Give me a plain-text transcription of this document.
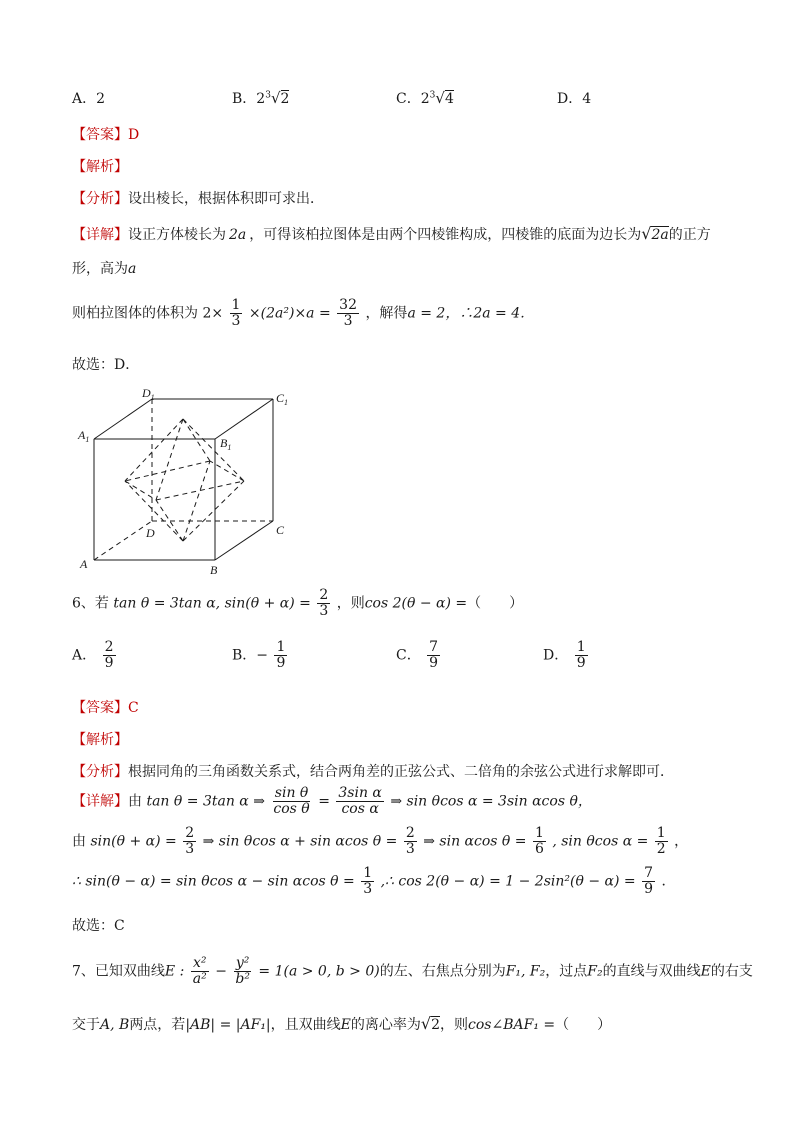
A．2	B．$2^3√2$	C．$2^3√4$	D．4
【答案】D
【解析】
【分析】设出棱长，根据体积即可求出．
【详解】设正方体棱长为 2a ，可得该柏拉图体是由两个四棱锥构成，四棱锥的底面为边长为√2a的正方
形，高为a
则柏拉图体的体积为 $2\times \frac{1}{3} \times(2a^2)\times a = \frac{32}{3}$ ，解得a = 2，∴2a = 4．
故选：D．
$D_1$	$C_1$
$A_1$	$B_1$
D	C
A	B
6、若 tan θ = 3tan α, $\sin(\theta + \alpha) = \frac{2}{3}$ ，则cos 2(θ − α) =（　　）
A． $\frac{2}{9}$	B．− $\frac{1}{9}$	C． $\frac{7}{9}$	D． $\frac{1}{9}$
【答案】C
【解析】
【分析】根据同角的三角函数关系式，结合两角差的正弦公式、二倍角的余弦公式进行求解即可．
【详解】由 tan θ = 3tan α ⇒ $\frac{\text{sin θ}}{\text{cos θ}} = \frac{\text{3sin α}}{\text{cos α}}$ ⇒ sin θcos α = 3sin αcos θ，
由 $\sin(\theta + \alpha) = \frac{2}{3}$ ⇒ sin θcos α + sin αcos $\theta = \frac{2}{3}$ ⇒ sin αcos $\theta = \frac{1}{6}$ , sin θcos $\alpha = \frac{1}{2}$ ，
∴ sin(θ − α) = sin θcos α − sin αcos $\theta = \frac{1}{3}$ ,∴ $\cos 2(\theta - \alpha) = 1 - 2\sin^2(\theta - \alpha) = \frac{7}{9}$ ．
故选：C
7、已知双曲线E : $\frac{\text{x²}}{\text{a²}} - \frac{\text{y²}}{\text{b²}} = 1(a > 0$, b > 0)的左、右焦点分别为F₁, F₂，过点F₂的直线与双曲线E的右支
交于A, B两点，若|AB| = |AF₁|，且双曲线E的离心率为√2，则cos∠BAF₁ =（　　）
